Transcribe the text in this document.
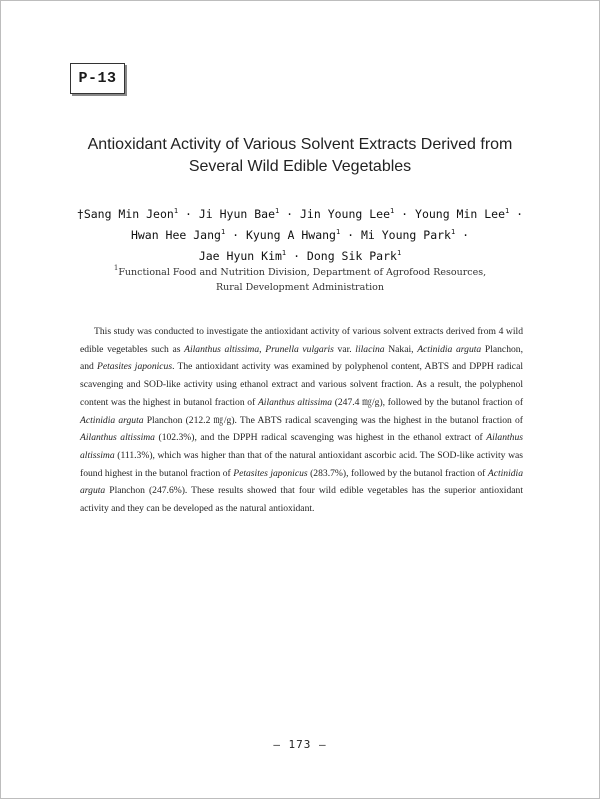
P-13
Antioxidant Activity of Various Solvent Extracts Derived from
Several Wild Edible Vegetables
†Sang Min Jeon$^1$ · Ji Hyun Bae$^1$ · Jin Young Lee$^1$ · Young Min Lee$^1$ ·
Hwan Hee Jang$^1$ · Kyung A Hwang$^1$ · Mi Young Park$^1$ ·
Jae Hyun Kim$^1$ · Dong Sik Park$^1$
$^1$Functional Food and Nutrition Division, Department of Agrofood Resources,
Rural Development Administration
This study was conducted to investigate the antioxidant activity of various solvent extracts derived from 4 wild edible vegetables such as Ailanthus altissima, Prunella vulgaris var. lilacina Nakai, Actinidia arguta Planchon, and Petasites japonicus. The antioxidant activity was examined by polyphenol content, ABTS and DPPH radical scavenging and SOD-like activity using ethanol extract and various solvent fraction. As a result, the polyphenol content was the highest in butanol fraction of Ailanthus altissima (247.4 ㎎/g), followed by the butanol fraction of Actinidia arguta Planchon (212.2 ㎎/g). The ABTS radical scavenging was the highest in the butanol fraction of Ailanthus altissima (102.3%), and the DPPH radical scavenging was highest in the ethanol extract of Ailanthus altissima (111.3%), which was higher than that of the natural antioxidant ascorbic acid. The SOD-like activity was found highest in the butanol fraction of Petasites japonicus (283.7%), followed by the butanol fraction of Actinidia arguta Planchon (247.6%). These results showed that four wild edible vegetables has the superior antioxidant activity and they can be developed as the natural antioxidant.
– 173 –
